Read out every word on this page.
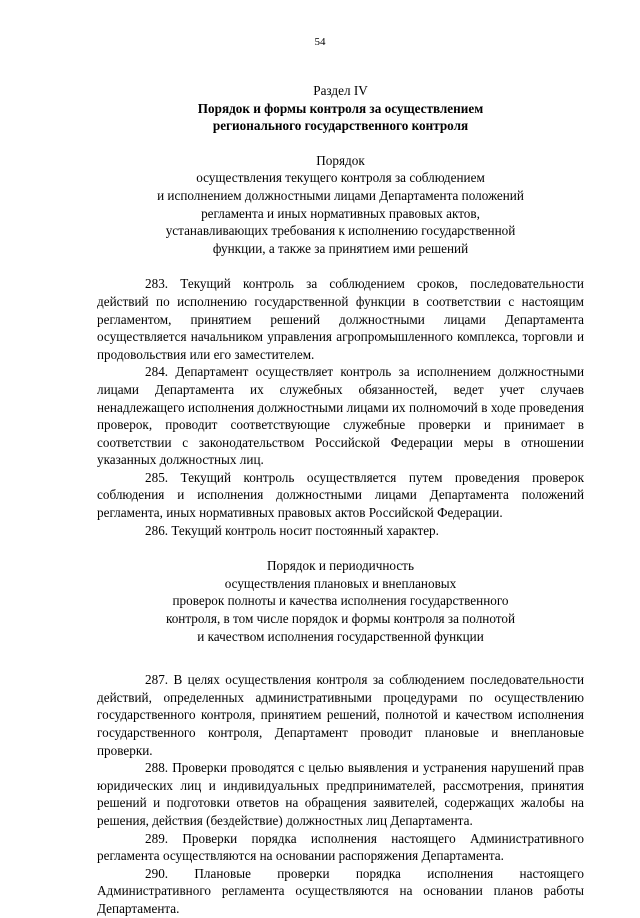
54
Раздел IV
Порядок и формы контроля за осуществлением
регионального государственного контроля
Порядок
осуществления текущего контроля за соблюдением
и исполнением должностными лицами Департамента положений
регламента и иных нормативных правовых актов,
устанавливающих требования к исполнению государственной
функции, а также за принятием ими решений

283. Текущий контроль за соблюдением сроков, последовательности действий по исполнению государственной функции в соответствии с настоящим регламентом, принятием решений должностными лицами Департамента осуществляется начальником управления агропромышленного комплекса, торговли и продовольствия или его заместителем.

284. Департамент осуществляет контроль за исполнением должностными лицами Департамента их служебных обязанностей, ведет учет случаев ненадлежащего исполнения должностными лицами их полномочий в ходе проведения проверок, проводит соответствующие служебные проверки и принимает в соответствии с законодательством Российской Федерации меры в отношении указанных должностных лиц.

285. Текущий контроль осуществляется путем проведения проверок соблюдения и исполнения должностными лицами Департамента положений регламента, иных нормативных правовых актов Российской Федерации.

286. Текущий контроль носит постоянный характер.

Порядок и периодичность
осуществления плановых и внеплановых
проверок полноты и качества исполнения государственного
контроля, в том числе порядок и формы контроля за полнотой
и качеством исполнения государственной функции

287. В целях осуществления контроля за соблюдением последовательности действий, определенных административными процедурами по осуществлению государственного контроля, принятием решений, полнотой и качеством исполнения государственного контроля, Департамент проводит плановые и внеплановые проверки.

288. Проверки проводятся с целью выявления и устранения нарушений прав юридических лиц и индивидуальных предпринимателей, рассмотрения, принятия решений и подготовки ответов на обращения заявителей, содержащих жалобы на решения, действия (бездействие) должностных лиц Департамента.

289. Проверки порядка исполнения настоящего Административного регламента осуществляются на основании распоряжения Департамента.

290. Плановые проверки порядка исполнения настоящего Административного регламента осуществляются на основании планов работы Департамента.
